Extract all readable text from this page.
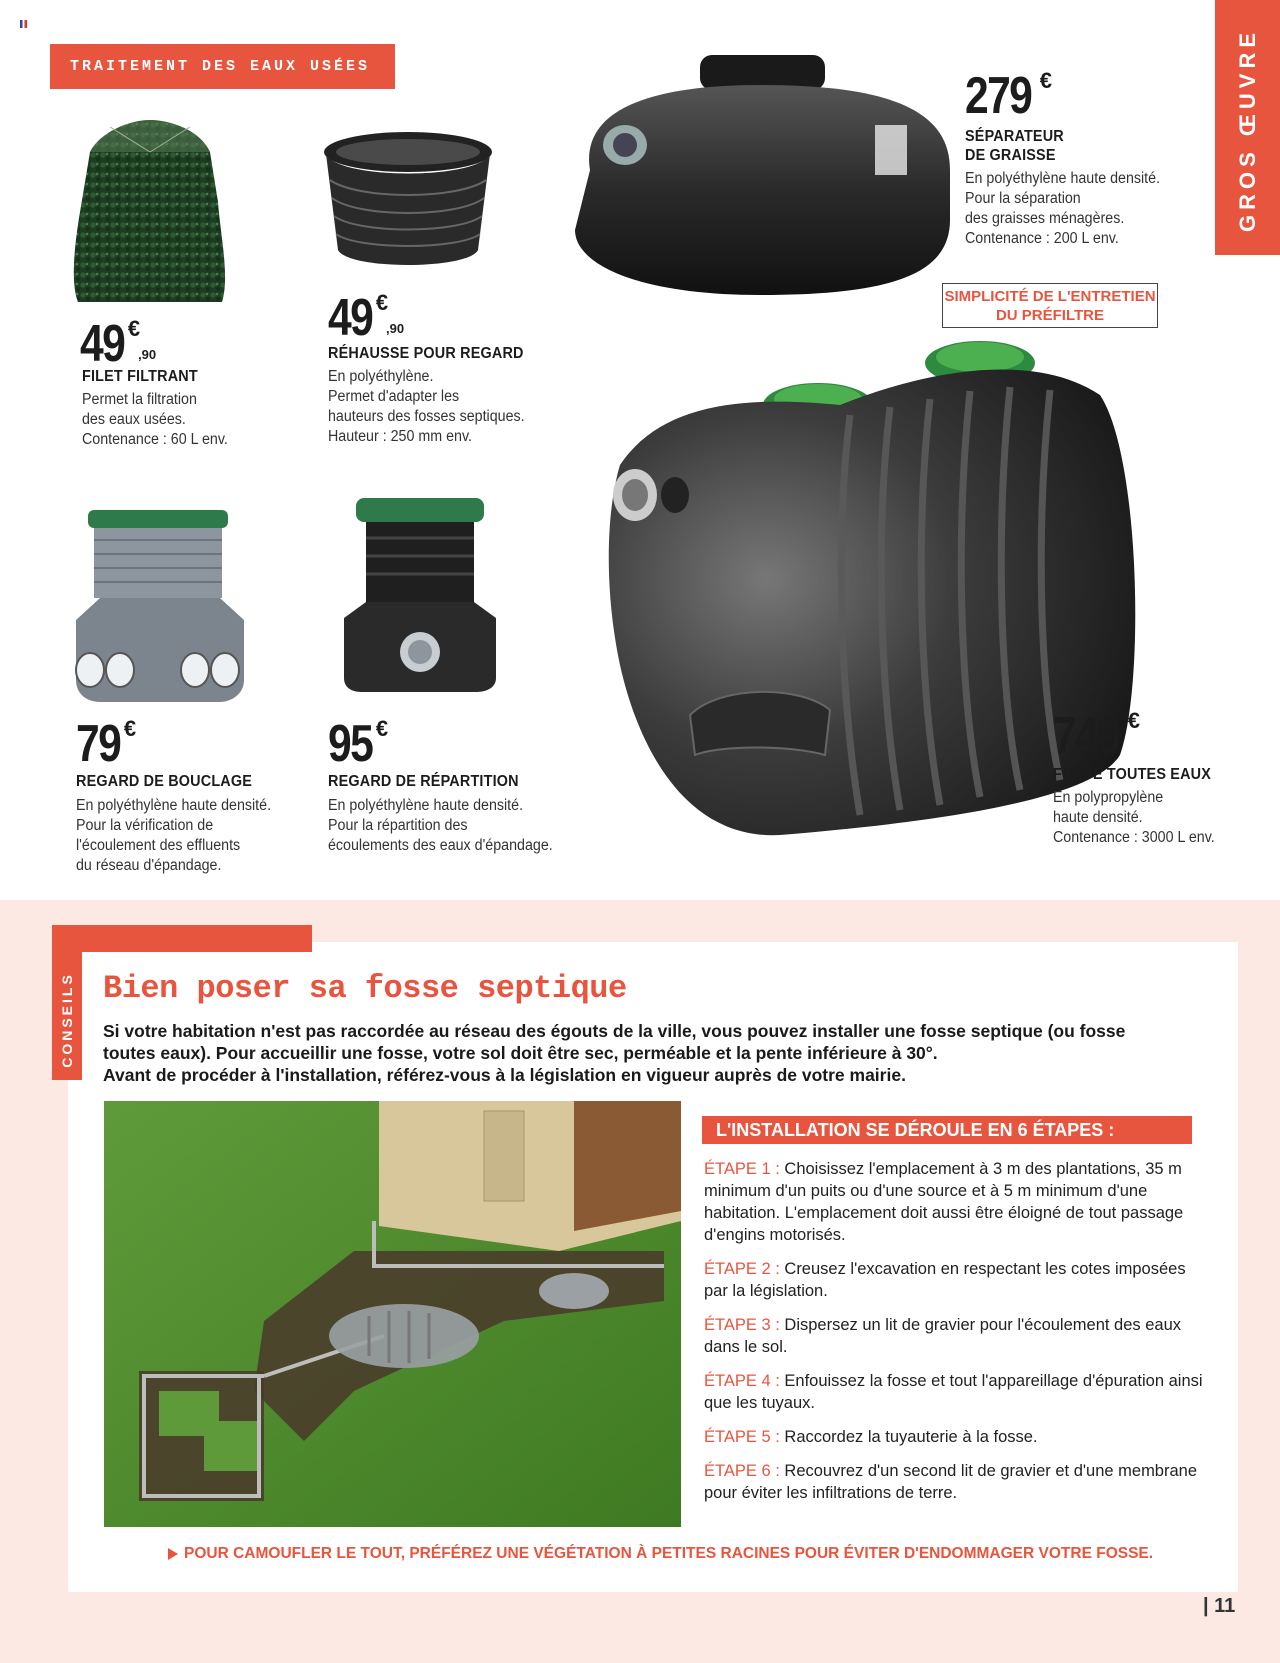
TRAITEMENT DES EAUX USÉES	GROS ŒUVRE
49 €
,90
FILET FILTRANT
Permet la filtration
des eaux usées.
Contenance : 60 L env.
49 €
,90
RÉHAUSSE POUR REGARD
En polyéthylène.
Permet d'adapter les
hauteurs des fosses septiques.
Hauteur : 250 mm env.
279 €
SÉPARATEUR
DE GRAISSE
En polyéthylène haute densité.
Pour la séparation
des graisses ménagères.
Contenance : 200 L env.
SIMPLICITÉ DE L'ENTRETIEN
DU PRÉFILTRE
79 €
REGARD DE BOUCLAGE
En polyéthylène haute densité.
Pour la vérification de
l'écoulement des effluents
du réseau d'épandage.
95 €
REGARD DE RÉPARTITION
En polyéthylène haute densité.
Pour la répartition des
écoulements des eaux d'épandage.
749 €
FOSSE TOUTES EAUX
En polypropylène
haute densité.
Contenance : 3000 L env.
CONSEILS Bien poser sa fosse septique
Si votre habitation n'est pas raccordée au réseau des égouts de la ville, vous pouvez installer une fosse septique (ou fosse
toutes eaux). Pour accueillir une fosse, votre sol doit être sec, perméable et la pente inférieure à 30°.
Avant de procéder à l'installation, référez-vous à la législation en vigueur auprès de votre mairie.
L'INSTALLATION SE DÉROULE EN 6 ÉTAPES :
ÉTAPE 1 : Choisissez l'emplacement à 3 m des plantations, 35 m minimum d'un puits ou d'une source et à 5 m minimum d'une habitation. L'emplacement doit aussi être éloigné de tout passage d'engins motorisés.
ÉTAPE 2 : Creusez l'excavation en respectant les cotes imposées par la législation.
ÉTAPE 3 : Dispersez un lit de gravier pour l'écoulement des eaux dans le sol.
ÉTAPE 4 : Enfouissez la fosse et tout l'appareillage d'épuration ainsi que les tuyaux.
ÉTAPE 5 : Raccordez la tuyauterie à la fosse.
ÉTAPE 6 : Recouvrez d'un second lit de gravier et d'une membrane pour éviter les infiltrations de terre.
POUR CAMOUFLER LE TOUT, PRÉFÉREZ UNE VÉGÉTATION À PETITES RACINES POUR ÉVITER D'ENDOMMAGER VOTRE FOSSE.
| 11
